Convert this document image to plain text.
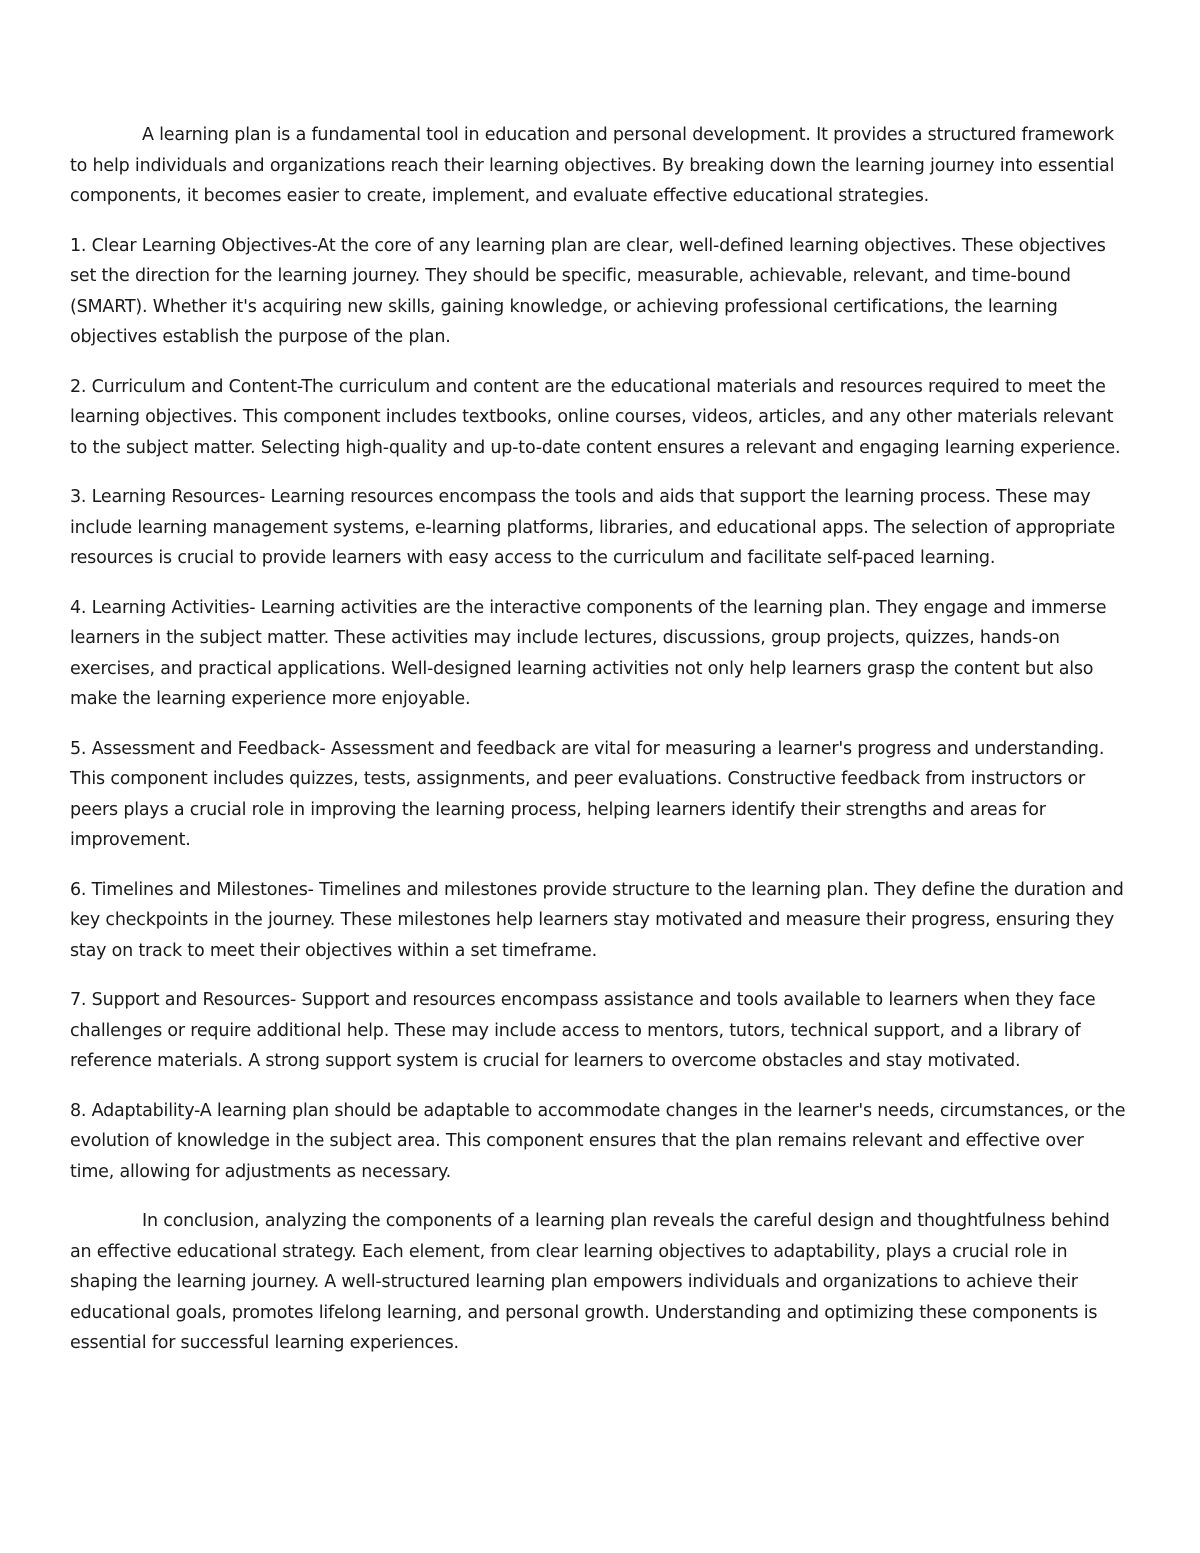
A learning plan is a fundamental tool in education and personal development. It provides a structured framework to help individuals and organizations reach their learning objectives. By breaking down the learning journey into essential components, it becomes easier to create, implement, and evaluate effective educational strategies.

1. Clear Learning Objectives-At the core of any learning plan are clear, well-defined learning objectives. These objectives set the direction for the learning journey. They should be specific, measurable, achievable, relevant, and time-bound (SMART). Whether it's acquiring new skills, gaining knowledge, or achieving professional certifications, the learning objectives establish the purpose of the plan.

2. Curriculum and Content-The curriculum and content are the educational materials and resources required to meet the learning objectives. This component includes textbooks, online courses, videos, articles, and any other materials relevant to the subject matter. Selecting high-quality and up-to-date content ensures a relevant and engaging learning experience.

3. Learning Resources- Learning resources encompass the tools and aids that support the learning process. These may include learning management systems, e-learning platforms, libraries, and educational apps. The selection of appropriate resources is crucial to provide learners with easy access to the curriculum and facilitate self-paced learning.

4. Learning Activities- Learning activities are the interactive components of the learning plan. They engage and immerse learners in the subject matter. These activities may include lectures, discussions, group projects, quizzes, hands-on exercises, and practical applications. Well-designed learning activities not only help learners grasp the content but also make the learning experience more enjoyable.

5. Assessment and Feedback- Assessment and feedback are vital for measuring a learner's progress and understanding. This component includes quizzes, tests, assignments, and peer evaluations. Constructive feedback from instructors or peers plays a crucial role in improving the learning process, helping learners identify their strengths and areas for improvement.

6. Timelines and Milestones- Timelines and milestones provide structure to the learning plan. They define the duration and key checkpoints in the journey. These milestones help learners stay motivated and measure their progress, ensuring they stay on track to meet their objectives within a set timeframe.

7. Support and Resources- Support and resources encompass assistance and tools available to learners when they face challenges or require additional help. These may include access to mentors, tutors, technical support, and a library of reference materials. A strong support system is crucial for learners to overcome obstacles and stay motivated.

8. Adaptability-A learning plan should be adaptable to accommodate changes in the learner's needs, circumstances, or the evolution of knowledge in the subject area. This component ensures that the plan remains relevant and effective over time, allowing for adjustments as necessary.

In conclusion, analyzing the components of a learning plan reveals the careful design and thoughtfulness behind an effective educational strategy. Each element, from clear learning objectives to adaptability, plays a crucial role in shaping the learning journey. A well-structured learning plan empowers individuals and organizations to achieve their educational goals, promotes lifelong learning, and personal growth. Understanding and optimizing these components is essential for successful learning experiences.
